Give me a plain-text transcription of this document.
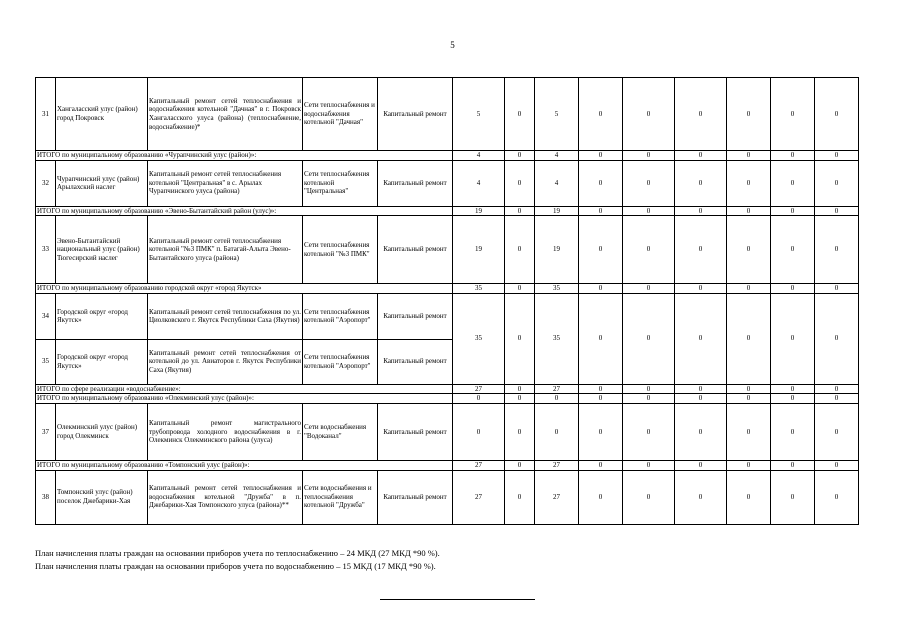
5
31	Хангаласский улус (район) город Покровск	Капитальный ремонт сетей теплоснабжения и водоснабжения котельной "Дачная" в г. Покровск Хангаласского улуса (района) (теплоснабжение, водоснабжение)*	Сети теплоснабжения и водоснабжения котельной "Дачная"	Капитальный ремонт	5	0	5	0	0	0	0	0	0
ИТОГО по муниципальному образованию «Чурапчинский улус (район)»:					4	0	4	0	0	0	0	0	0
32	Чурапчинский улус (район) Арылахский наслег	Капитальный ремонт сетей теплоснабжения котельной "Центральная" в с. Арылах Чурапчинского улуса (района)	Сети теплоснабжения котельной "Центральная"	Капитальный ремонт	4	0	4	0	0	0	0	0	0
ИТОГО по муниципальному образованию «Эвено-Бытантайский район (улус)»:					19	0	19	0	0	0	0	0	0
33	Эвено-Бытантайский национальный улус (район) Тюгесирский наслег	Капитальный ремонт сетей теплоснабжения котельной "№3 ПМК" п. Батагай-Алыта Эвено-Бытантайского улуса (района)	Сети теплоснабжения котельной "№3 ПМК"	Капитальный ремонт	19	0	19	0	0	0	0	0	0
ИТОГО по муниципальному образованию городской округ «город Якутск»					35	0	35	0	0	0	0	0	0
34	Городской округ «город Якутск»	Капитальный ремонт сетей теплоснабжения по ул. Циолковского г. Якутск Республики Саха (Якутия)	Сети теплоснабжения котельной "Аэропорт"	Капитальный ремонт	35	0	35	0	0	0	0	0	0
35	Городской округ «город Якутск»	Капитальный ремонт сетей теплоснабжения от котельной до ул. Авиаторов г. Якутск Республики Саха (Якутия)	Сети теплоснабжения котельной "Аэропорт"	Капитальный ремонт									
ИТОГО по сфере реализации «водоснабжение»:					27	0	27	0	0	0	0	0	0
ИТОГО по муниципальному образованию «Олекминский улус (район)»:					0	0	0	0	0	0	0	0	0
37	Олекминский улус (район) город Олекминск	Капитальный ремонт магистрального трубопровода холодного водоснабжения в г. Олекминск Олекминского района (улуса)	Сети водоснабжения "Водоканал"	Капитальный ремонт	0	0	0	0	0	0	0	0	0
ИТОГО по муниципальному образованию «Томпонский улус (район)»:					27	0	27	0	0	0	0	0	0
38	Томпонский улус (район) поселок Джебарики-Хая	Капитальный ремонт сетей теплоснабжения и водоснабжения котельной "Дружба" в п. Джебарики-Хая Томпонского улуса (района)**	Сети водоснабжения и теплоснабжения котельной "Дружба"	Капитальный ремонт	27	0	27	0	0	0	0	0	0
План начисления платы граждан на основании приборов учета по теплоснабжению – 24 МКД (27 МКД *90 %).
План начисления платы граждан на основании приборов учета по водоснабжению – 15 МКД (17 МКД *90 %).
